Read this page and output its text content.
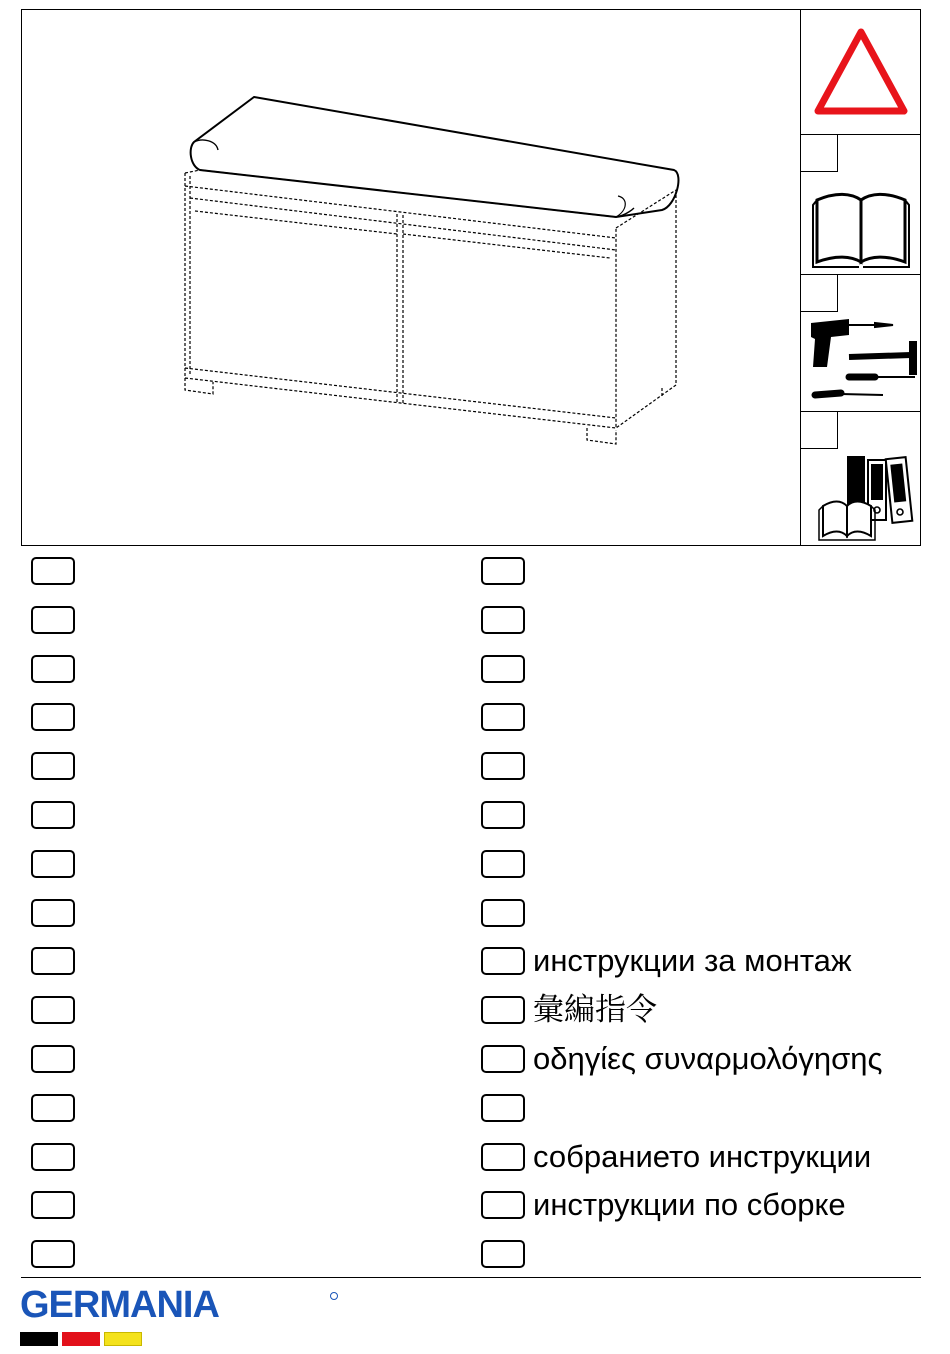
инструкции за монтаж
彙編指令
οδηγίες συναρμολόγησης
собранието инструкции
инструкции по сборке
GERMANIA
